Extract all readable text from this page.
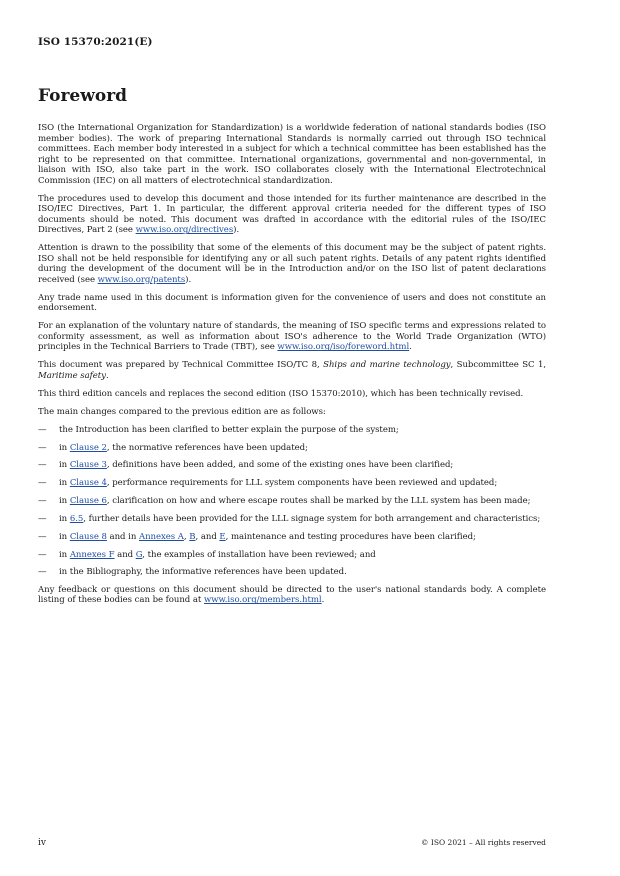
ISO 15370:2021(E)
Foreword

ISO (the International Organization for Standardization) is a worldwide federation of national standards bodies (ISO member bodies). The work of preparing International Standards is normally carried out through ISO technical committees. Each member body interested in a subject for which a technical committee has been established has the right to be represented on that committee. International organizations, governmental and non-governmental, in liaison with ISO, also take part in the work. ISO collaborates closely with the International Electrotechnical Commission (IEC) on all matters of electrotechnical standardization.

The procedures used to develop this document and those intended for its further maintenance are described in the ISO/IEC Directives, Part 1. In particular, the different approval criteria needed for the different types of ISO documents should be noted. This document was drafted in accordance with the editorial rules of the ISO/IEC Directives, Part 2 (see www.iso.org/directives).

Attention is drawn to the possibility that some of the elements of this document may be the subject of patent rights. ISO shall not be held responsible for identifying any or all such patent rights. Details of any patent rights identified during the development of the document will be in the Introduction and/or on the ISO list of patent declarations received (see www.iso.org/patents).

Any trade name used in this document is information given for the convenience of users and does not constitute an endorsement.

For an explanation of the voluntary nature of standards, the meaning of ISO specific terms and expressions related to conformity assessment, as well as information about ISO's adherence to the World Trade Organization (WTO) principles in the Technical Barriers to Trade (TBT), see www.iso.org/iso/foreword.html.

This document was prepared by Technical Committee ISO/TC 8, Ships and marine technology, Subcommittee SC 1, Maritime safety.

This third edition cancels and replaces the second edition (ISO 15370:2010), which has been technically revised.

The main changes compared to the previous edition are as follows:

— the Introduction has been clarified to better explain the purpose of the system;
— in Clause 2, the normative references have been updated;
— in Clause 3, definitions have been added, and some of the existing ones have been clarified;
— in Clause 4, performance requirements for LLL system components have been reviewed and updated;
— in Clause 6, clarification on how and where escape routes shall be marked by the LLL system has been made;
— in 6.5, further details have been provided for the LLL signage system for both arrangement and characteristics;
— in Clause 8 and in Annexes A, B, and E, maintenance and testing procedures have been clarified;
— in Annexes F and G, the examples of installation have been reviewed; and
— in the Bibliography, the informative references have been updated.

Any feedback or questions on this document should be directed to the user's national standards body. A complete listing of these bodies can be found at www.iso.org/members.html.

iv	© ISO 2021 – All rights reserved
